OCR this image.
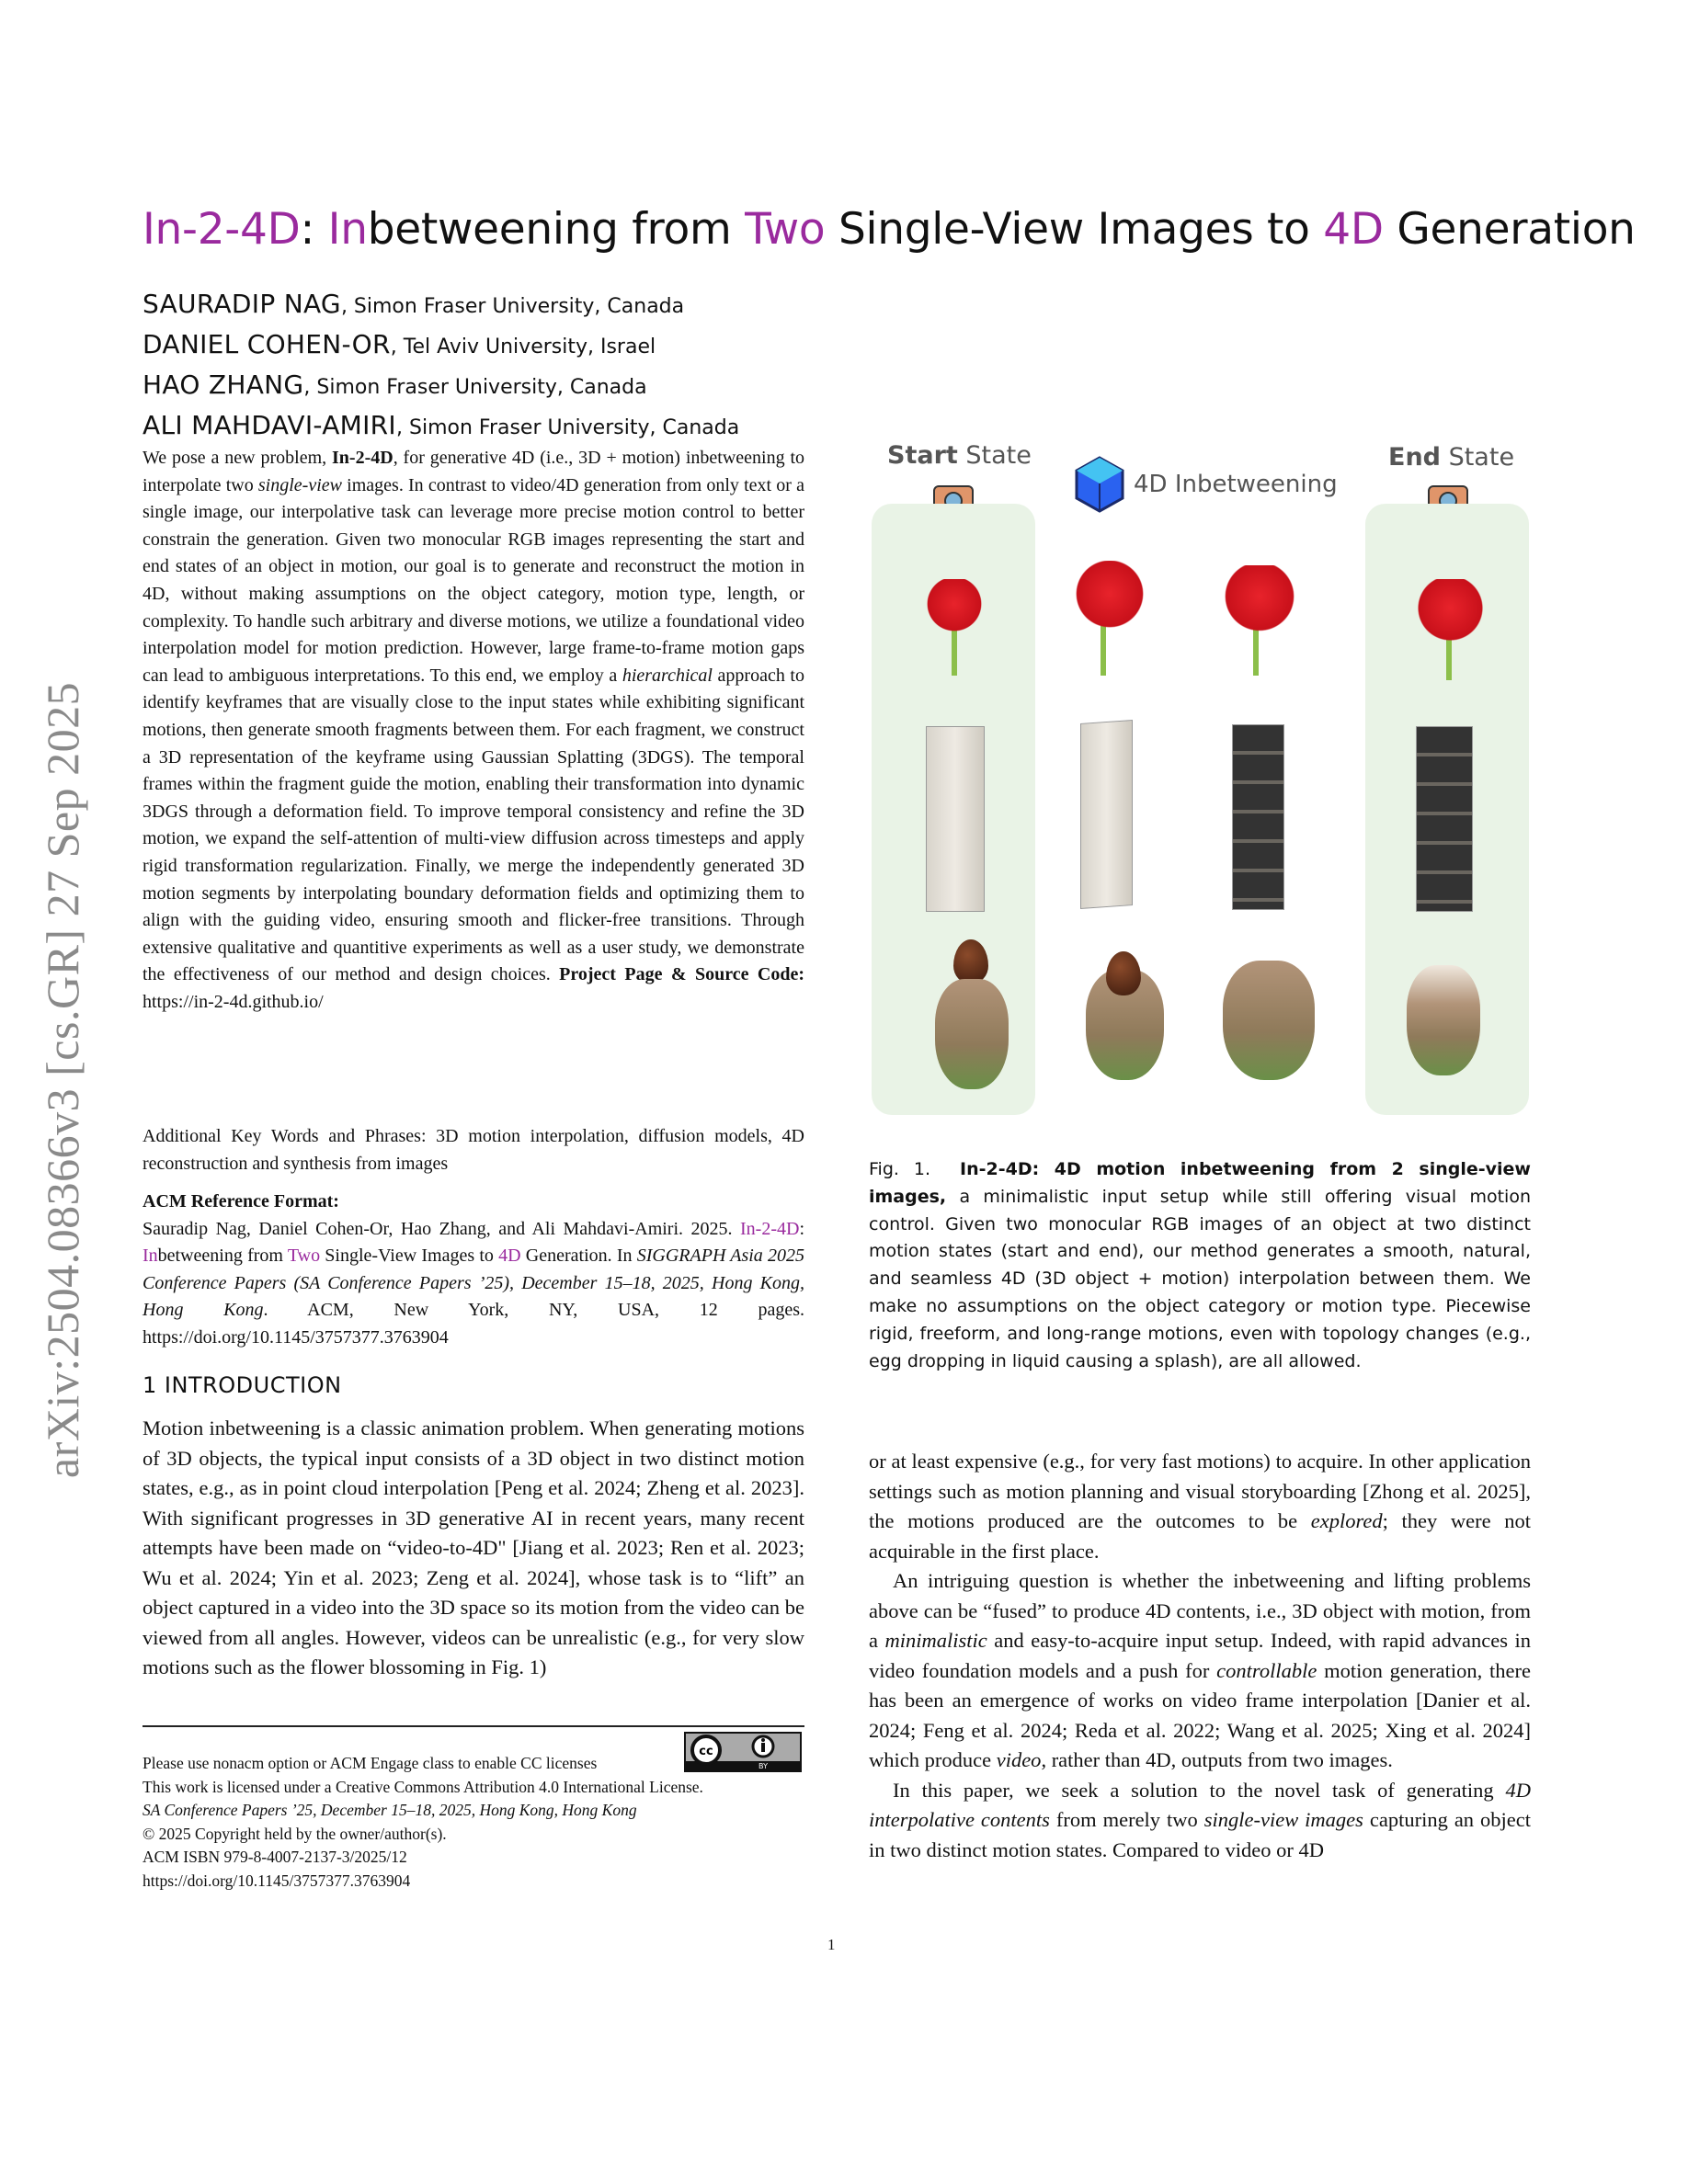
arXiv:2504.08366v3 [cs.GR] 27 Sep 2025
In-2-4D: Inbetweening from Two Single-View Images to 4D Generation
SAURADIP NAG, Simon Fraser University, Canada
DANIEL COHEN-OR, Tel Aviv University, Israel
HAO ZHANG, Simon Fraser University, Canada
ALI MAHDAVI-AMIRI, Simon Fraser University, Canada
We pose a new problem, In-2-4D, for generative 4D (i.e., 3D + motion) inbetweening to interpolate two single-view images. In contrast to video/4D generation from only text or a single image, our interpolative task can leverage more precise motion control to better constrain the generation. Given two monocular RGB images representing the start and end states of an object in motion, our goal is to generate and reconstruct the motion in 4D, without making assumptions on the object category, motion type, length, or complexity. To handle such arbitrary and diverse motions, we utilize a foundational video interpolation model for motion prediction. However, large frame-to-frame motion gaps can lead to ambiguous interpretations. To this end, we employ a hierarchical approach to identify keyframes that are visually close to the input states while exhibiting significant motions, then generate smooth fragments between them. For each fragment, we construct a 3D representation of the keyframe using Gaussian Splatting (3DGS). The temporal frames within the fragment guide the motion, enabling their transformation into dynamic 3DGS through a deformation field. To improve temporal consistency and refine the 3D motion, we expand the self-attention of multi-view diffusion across timesteps and apply rigid transformation regularization. Finally, we merge the independently generated 3D motion segments by interpolating boundary deformation fields and optimizing them to align with the guiding video, ensuring smooth and flicker-free transitions. Through extensive qualitative and quantitive experiments as well as a user study, we demonstrate the effectiveness of our method and design choices. Project Page & Source Code: https://in-2-4d.github.io/
Additional Key Words and Phrases: 3D motion interpolation, diffusion models, 4D reconstruction and synthesis from images
ACM Reference Format:
Sauradip Nag, Daniel Cohen-Or, Hao Zhang, and Ali Mahdavi-Amiri. 2025. In-2-4D: Inbetweening from Two Single-View Images to 4D Generation. In SIGGRAPH Asia 2025 Conference Papers (SA Conference Papers ’25), December 15–18, 2025, Hong Kong, Hong Kong. ACM, New York, NY, USA, 12 pages. https://doi.org/10.1145/3757377.3763904
1 INTRODUCTION
Motion inbetweening is a classic animation problem. When generating motions of 3D objects, the typical input consists of a 3D object in two distinct motion states, e.g., as in point cloud interpolation [Peng et al. 2024; Zheng et al. 2023]. With significant progresses in 3D generative AI in recent years, many recent attempts have been made on “video-to-4D" [Jiang et al. 2023; Ren et al. 2023; Wu et al. 2024; Yin et al. 2023; Zeng et al. 2024], whose task is to “lift” an object captured in a video into the 3D space so its motion from the video can be viewed from all angles. However, videos can be unrealistic (e.g., for very slow motions such as the flower blossoming in Fig. 1)
cc
BY
Please use nonacm option or ACM Engage class to enable CC licenses
This work is licensed under a Creative Commons Attribution 4.0 International License.
SA Conference Papers ’25, December 15–18, 2025, Hong Kong, Hong Kong
© 2025 Copyright held by the owner/author(s).
ACM ISBN 979-8-4007-2137-3/2025/12
https://doi.org/10.1145/3757377.3763904
Start State	End State
4D Inbetweening
Fig. 1. In-2-4D: 4D motion inbetweening from 2 single-view images, a minimalistic input setup while still offering visual motion control. Given two monocular RGB images of an object at two distinct motion states (start and end), our method generates a smooth, natural, and seamless 4D (3D object + motion) interpolation between them. We make no assumptions on the object category or motion type. Piecewise rigid, freeform, and long-range motions, even with topology changes (e.g., egg dropping in liquid causing a splash), are all allowed.
or at least expensive (e.g., for very fast motions) to acquire. In other application settings such as motion planning and visual storyboarding [Zhong et al. 2025], the motions produced are the outcomes to be explored; they were not acquirable in the first place.
An intriguing question is whether the inbetweening and lifting problems above can be “fused” to produce 4D contents, i.e., 3D object with motion, from a minimalistic and easy-to-acquire input setup. Indeed, with rapid advances in video foundation models and a push for controllable motion generation, there has been an emergence of works on video frame interpolation [Danier et al. 2024; Feng et al. 2024; Reda et al. 2022; Wang et al. 2025; Xing et al. 2024] which produce video, rather than 4D, outputs from two images.
In this paper, we seek a solution to the novel task of generating 4D interpolative contents from merely two single-view images capturing an object in two distinct motion states. Compared to video or 4D
1
